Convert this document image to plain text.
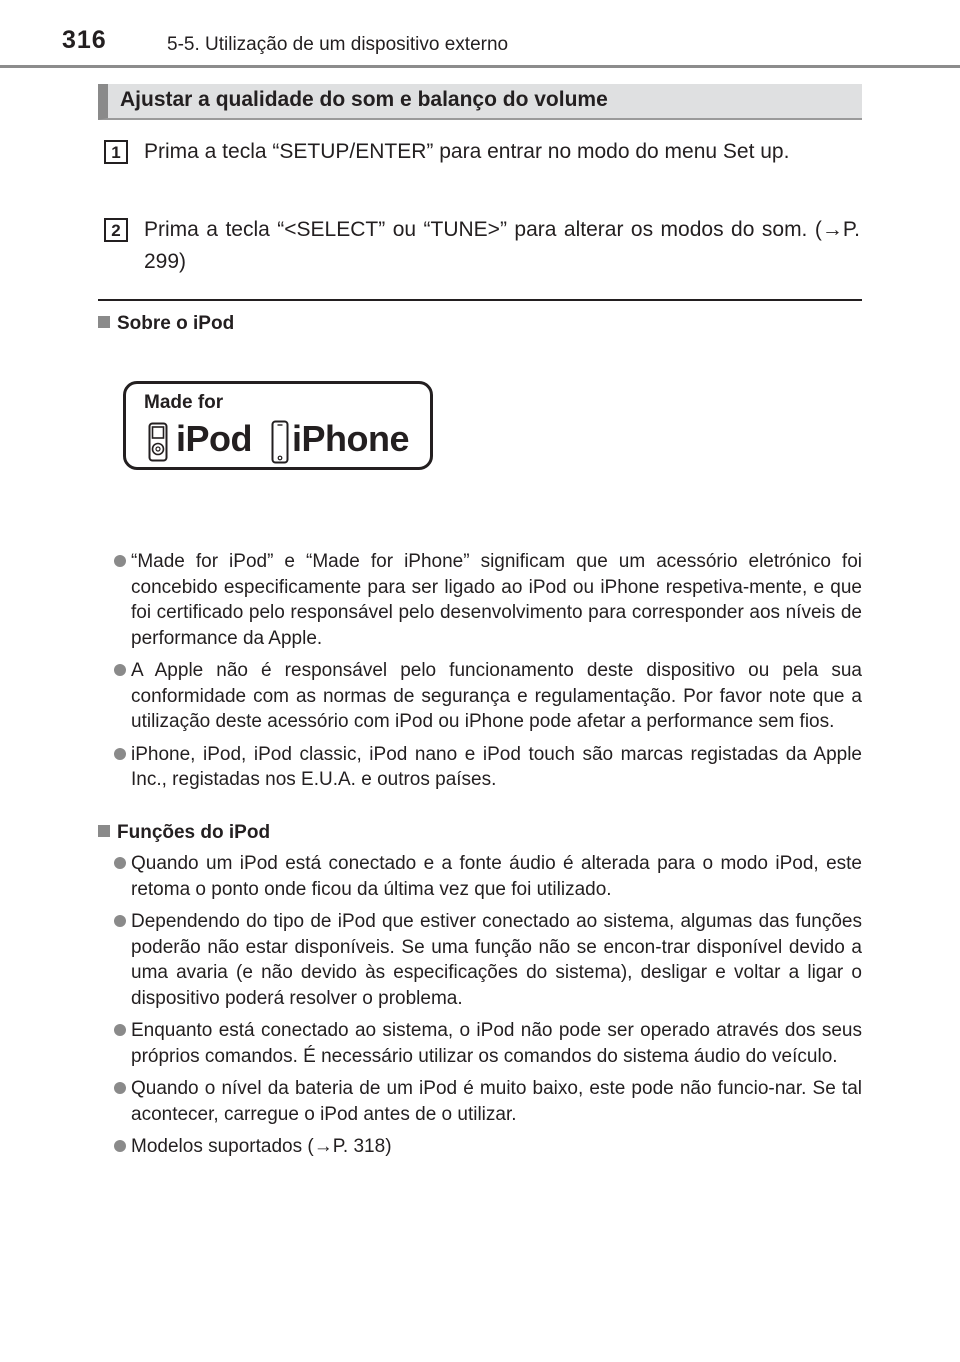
316	5-5. Utilização de um dispositivo externo
Ajustar a qualidade do som e balanço do volume
1	Prima a tecla “SETUP/ENTER” para entrar no modo do menu Set up.
2	Prima a tecla “<SELECT” ou “TUNE>” para alterar os modos do som. (→P. 299)
Sobre o iPod
Made for
iPod iPhone
“Made for iPod” e “Made for iPhone” significam que um acessório eletrónico foi concebido especificamente para ser ligado ao iPod ou iPhone respetiva-mente, e que foi certificado pelo responsável pelo desenvolvimento para corresponder aos níveis de performance da Apple.
A Apple não é responsável pelo funcionamento deste dispositivo ou pela sua conformidade com as normas de segurança e regulamentação. Por favor note que a utilização deste acessório com iPod ou iPhone pode afetar a performance sem fios.
iPhone, iPod, iPod classic, iPod nano e iPod touch são marcas registadas da Apple Inc., registadas nos E.U.A. e outros países.
Funções do iPod
Quando um iPod está conectado e a fonte áudio é alterada para o modo iPod, este retoma o ponto onde ficou da última vez que foi utilizado.
Dependendo do tipo de iPod que estiver conectado ao sistema, algumas das funções poderão não estar disponíveis. Se uma função não se encon-trar disponível devido a uma avaria (e não devido às especificações do sistema), desligar e voltar a ligar o dispositivo poderá resolver o problema.
Enquanto está conectado ao sistema, o iPod não pode ser operado através dos seus próprios comandos. É necessário utilizar os comandos do sistema áudio do veículo.
Quando o nível da bateria de um iPod é muito baixo, este pode não funcio-nar. Se tal acontecer, carregue o iPod antes de o utilizar.
Modelos suportados (→P. 318)
